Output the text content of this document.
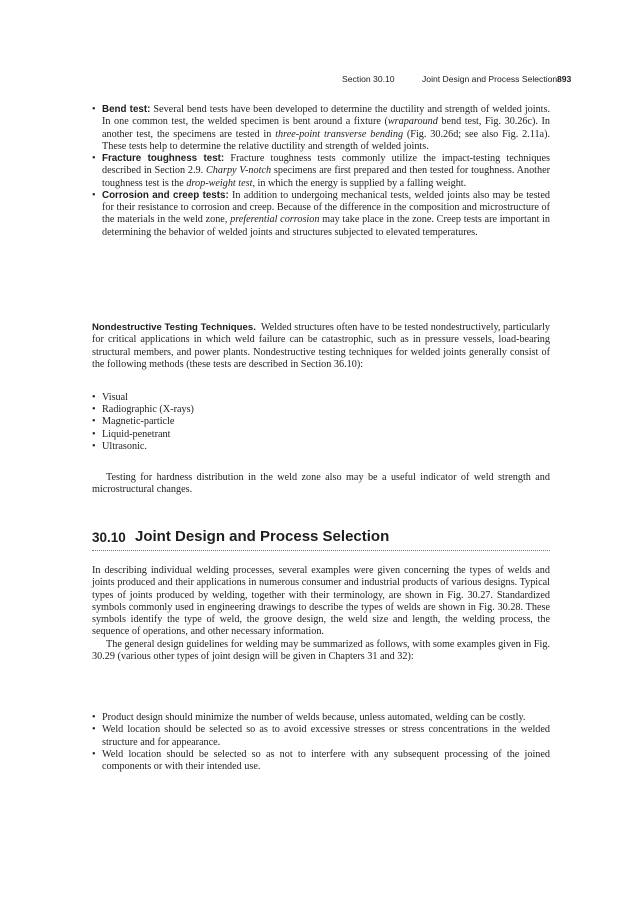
Section 30.10	Joint Design and Process Selection 893
• Bend test: Several bend tests have been developed to determine the ductility and strength of welded joints. In one common test, the welded specimen is bent around a fixture (wraparound bend test, Fig. 30.26c). In another test, the specimens are tested in three-point transverse bending (Fig. 30.26d; see also Fig. 2.11a). These tests help to determine the relative ductility and strength of welded joints.
• Fracture toughness test: Fracture toughness tests commonly utilize the impact-testing techniques described in Section 2.9. Charpy V-notch specimens are first prepared and then tested for toughness. Another toughness test is the drop-weight test, in which the energy is supplied by a falling weight.
• Corrosion and creep tests: In addition to undergoing mechanical tests, welded joints also may be tested for their resistance to corrosion and creep. Because of the difference in the composition and microstructure of the materials in the weld zone, preferential corrosion may take place in the zone. Creep tests are important in determining the behavior of welded joints and structures subjected to elevated temperatures.

Nondestructive Testing Techniques. Welded structures often have to be tested nondestructively, particularly for critical applications in which weld failure can be catastrophic, such as in pressure vessels, load-bearing structural members, and power plants. Nondestructive testing techniques for welded joints generally consist of the following methods (these tests are described in Section 36.10):

• Visual
• Radiographic (X-rays)
• Magnetic-particle
• Liquid-penetrant
• Ultrasonic.

Testing for hardness distribution in the weld zone also may be a useful indicator of weld strength and microstructural changes.

30.10 Joint Design and Process Selection

In describing individual welding processes, several examples were given concerning the types of welds and joints produced and their applications in numerous consumer and industrial products of various designs. Typical types of joints produced by welding, together with their terminology, are shown in Fig. 30.27. Standardized symbols commonly used in engineering drawings to describe the types of welds are shown in Fig. 30.28. These symbols identify the type of weld, the groove design, the weld size and length, the welding process, the sequence of operations, and other necessary information.

The general design guidelines for welding may be summarized as follows, with some examples given in Fig. 30.29 (various other types of joint design will be given in Chapters 31 and 32):

• Product design should minimize the number of welds because, unless automated, welding can be costly.
• Weld location should be selected so as to avoid excessive stresses or stress concentrations in the welded structure and for appearance.
• Weld location should be selected so as not to interfere with any subsequent processing of the joined components or with their intended use.
